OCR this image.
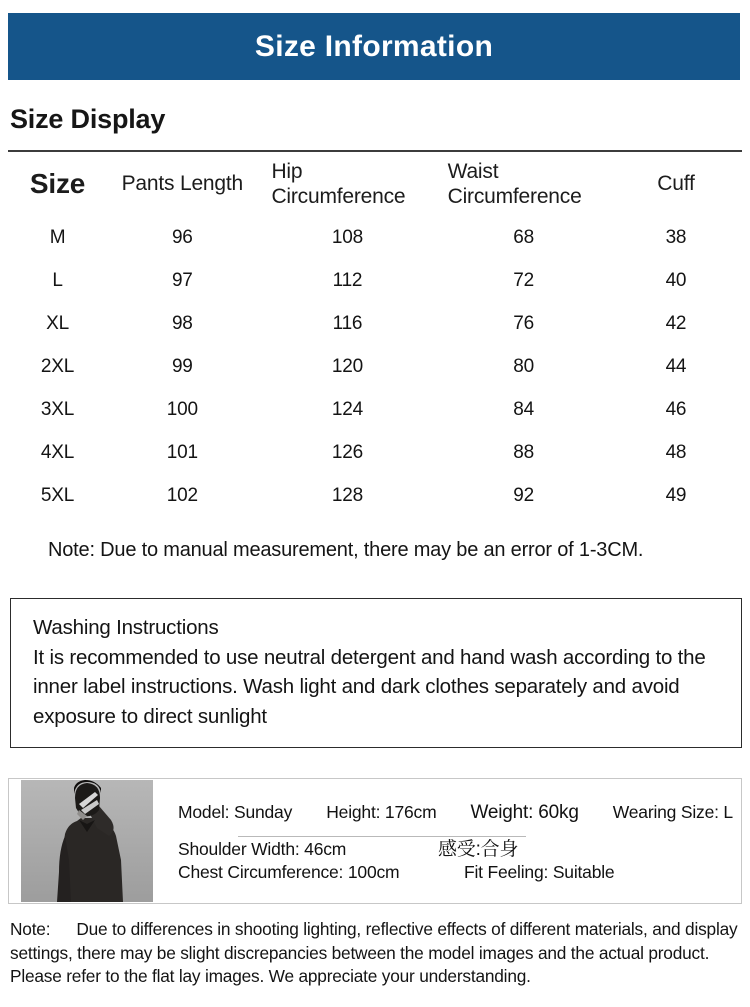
Size Information
Size Display
Size	Pants Length	Hip Circumference	Waist Circumference	Cuff
M	96	108	68	38
L	97	112	72	40
XL	98	116	76	42
2XL	99	120	80	44
3XL	100	124	84	46
4XL	101	126	88	48
5XL	102	128	92	49
Note: Due to manual measurement, there may be an error of 1-3CM.
Washing Instructions
It is recommended to use neutral detergent and hand wash according to the inner label instructions. Wash light and dark clothes separately and avoid exposure to direct sunlight
Model: Sunday Height: 176cm Weight: 60kg Wearing Size: L
Shoulder Width: 46cm
Chest Circumference: 100cm
感受:合身
Fit Feeling: Suitable
Note: Due to differences in shooting lighting, reflective effects of different materials, and display settings, there may be slight discrepancies between the model images and the actual product. Please refer to the flat lay images. We appreciate your understanding.
